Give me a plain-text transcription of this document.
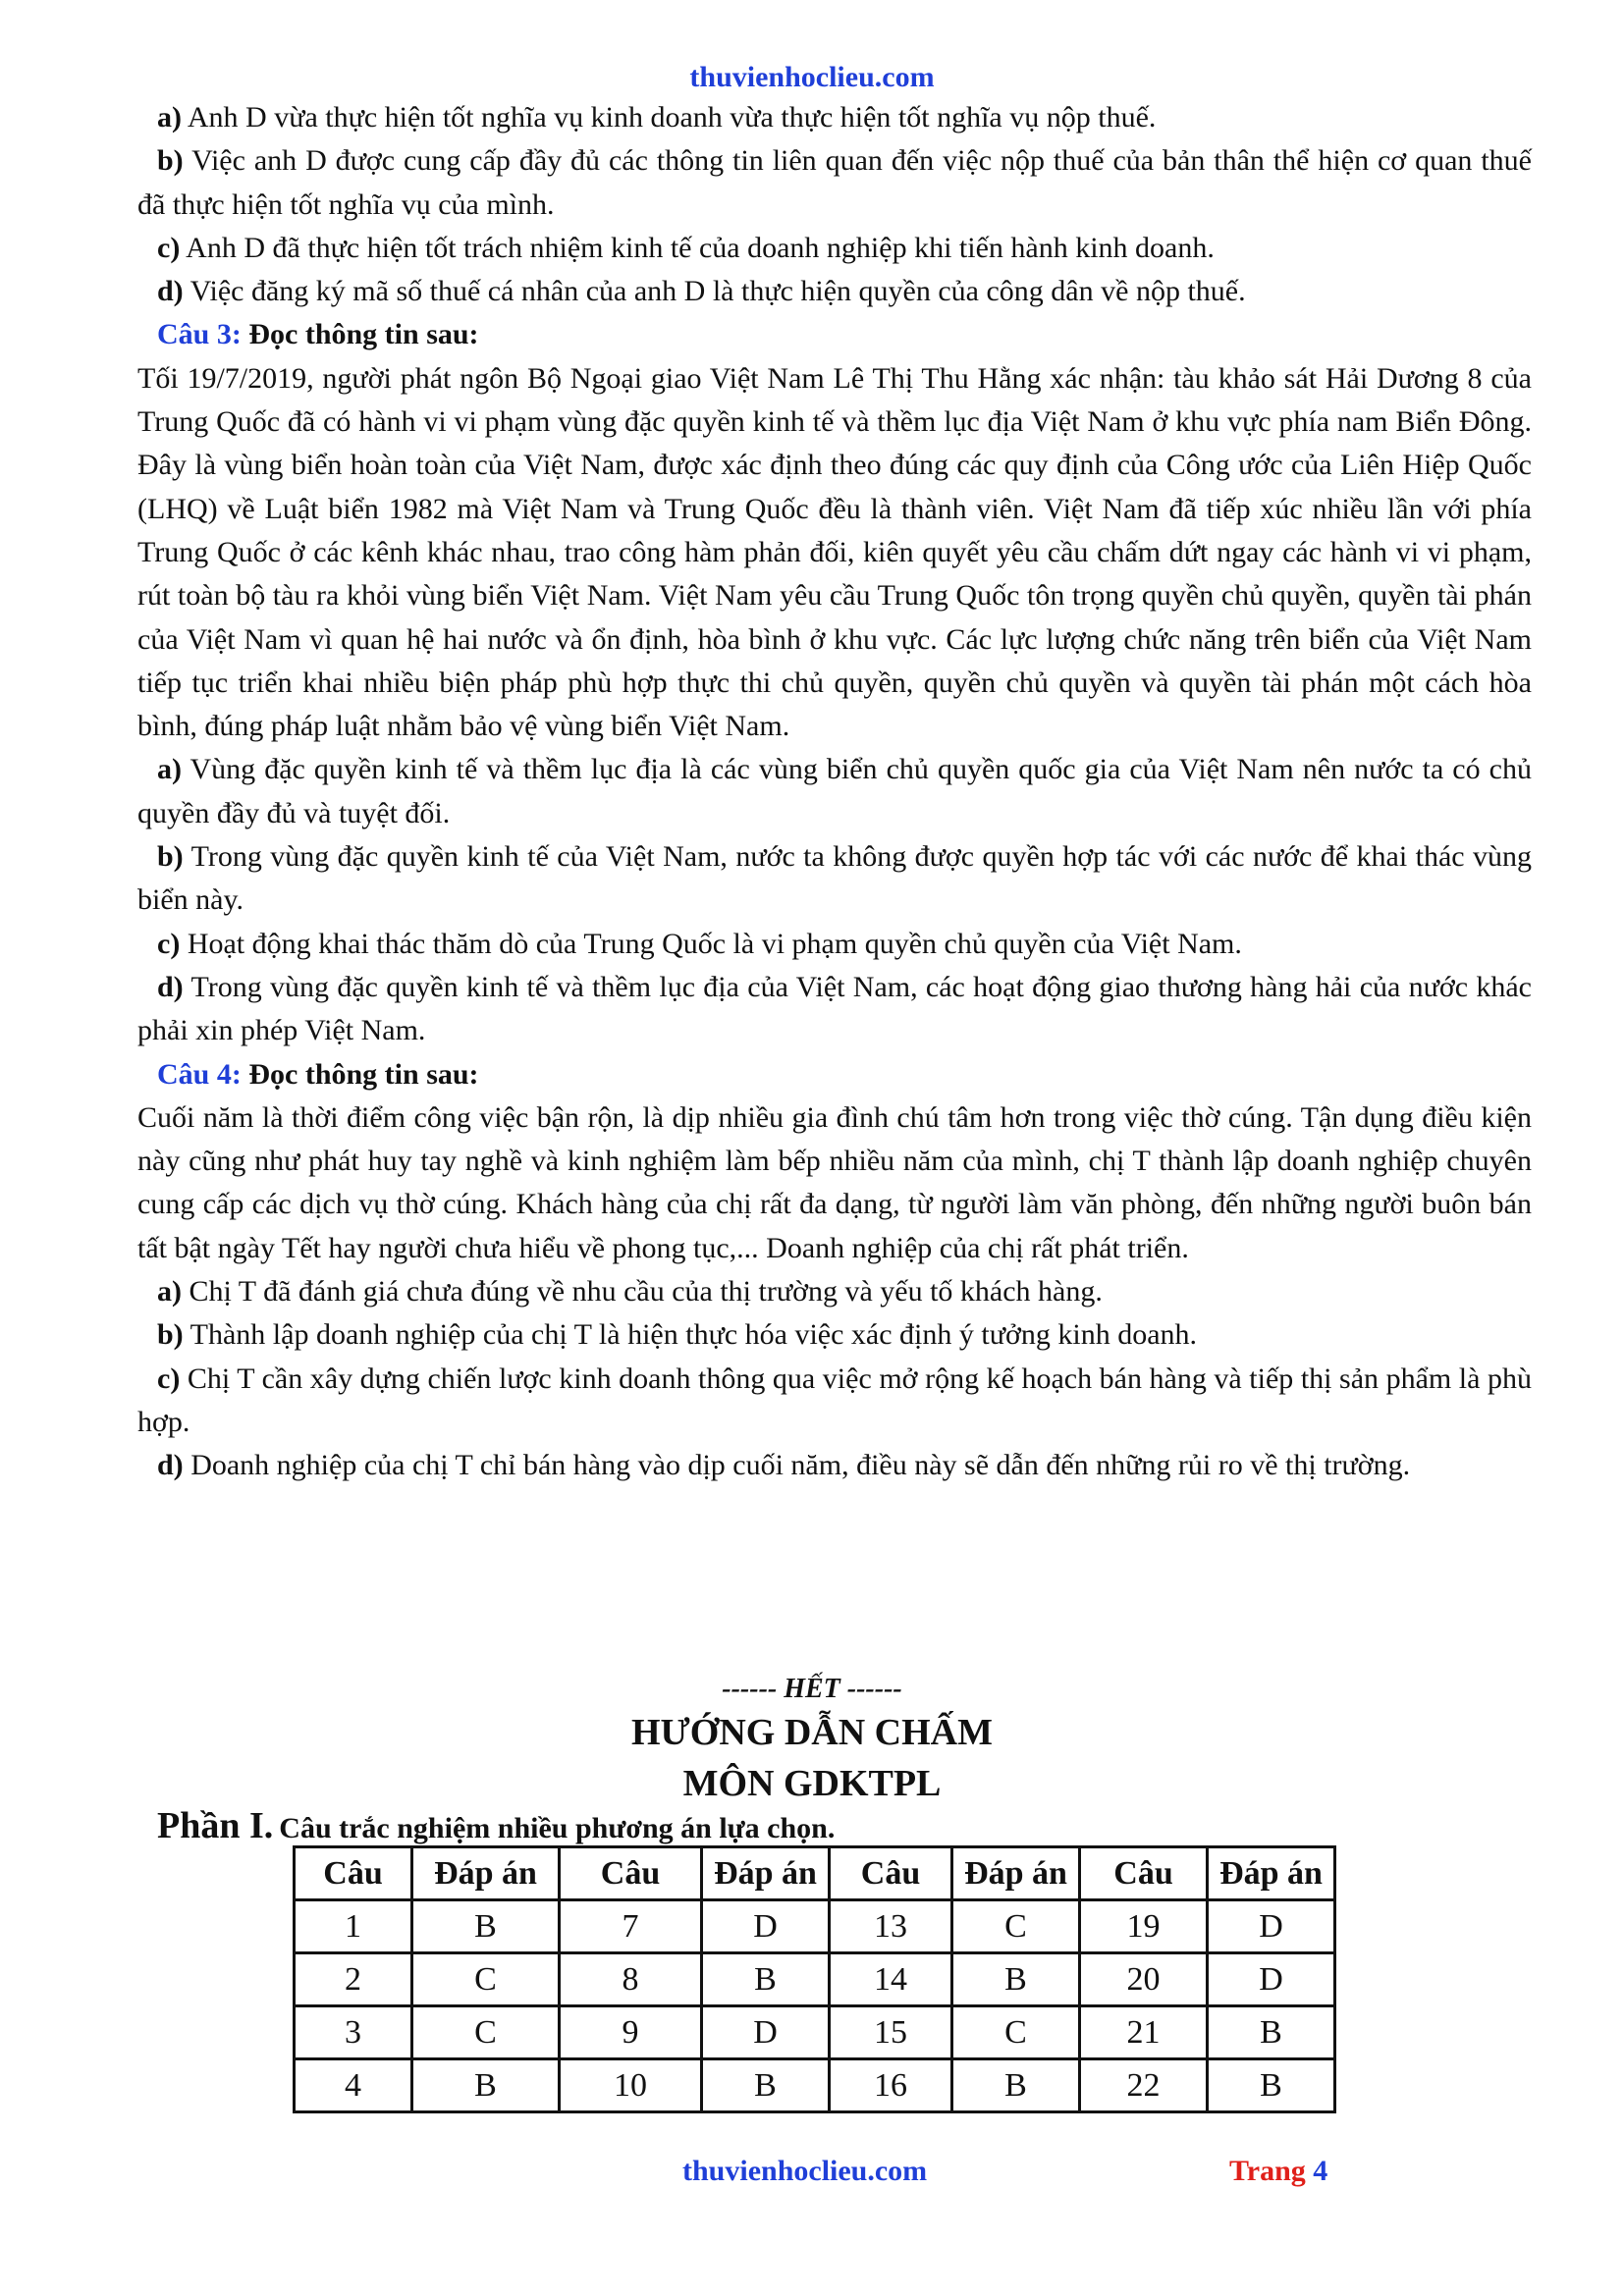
thuvienhoclieu.com

a) Anh D vừa thực hiện tốt nghĩa vụ kinh doanh vừa thực hiện tốt nghĩa vụ nộp thuế.

b) Việc anh D được cung cấp đầy đủ các thông tin liên quan đến việc nộp thuế của bản thân thể hiện cơ quan thuế đã thực hiện tốt nghĩa vụ của mình.

c) Anh D đã thực hiện tốt trách nhiệm kinh tế của doanh nghiệp khi tiến hành kinh doanh.

d) Việc đăng ký mã số thuế cá nhân của anh D là thực hiện quyền của công dân về nộp thuế.

Câu 3: Đọc thông tin sau:

Tối 19/7/2019, người phát ngôn Bộ Ngoại giao Việt Nam Lê Thị Thu Hằng xác nhận: tàu khảo sát Hải Dương 8 của Trung Quốc đã có hành vi vi phạm vùng đặc quyền kinh tế và thềm lục địa Việt Nam ở khu vực phía nam Biển Đông. Đây là vùng biển hoàn toàn của Việt Nam, được xác định theo đúng các quy định của Công ước của Liên Hiệp Quốc (LHQ) về Luật biển 1982 mà Việt Nam và Trung Quốc đều là thành viên. Việt Nam đã tiếp xúc nhiều lần với phía Trung Quốc ở các kênh khác nhau, trao công hàm phản đối, kiên quyết yêu cầu chấm dứt ngay các hành vi vi phạm, rút toàn bộ tàu ra khỏi vùng biển Việt Nam. Việt Nam yêu cầu Trung Quốc tôn trọng quyền chủ quyền, quyền tài phán của Việt Nam vì quan hệ hai nước và ổn định, hòa bình ở khu vực. Các lực lượng chức năng trên biển của Việt Nam tiếp tục triển khai nhiều biện pháp phù hợp thực thi chủ quyền, quyền chủ quyền và quyền tài phán một cách hòa bình, đúng pháp luật nhằm bảo vệ vùng biển Việt Nam.

a) Vùng đặc quyền kinh tế và thềm lục địa là các vùng biển chủ quyền quốc gia của Việt Nam nên nước ta có chủ quyền đầy đủ và tuyệt đối.

b) Trong vùng đặc quyền kinh tế của Việt Nam, nước ta không được quyền hợp tác với các nước để khai thác vùng biển này.

c) Hoạt động khai thác thăm dò của Trung Quốc là vi phạm quyền chủ quyền của Việt Nam.

d) Trong vùng đặc quyền kinh tế và thềm lục địa của Việt Nam, các hoạt động giao thương hàng hải của nước khác phải xin phép Việt Nam.

Câu 4: Đọc thông tin sau:

Cuối năm là thời điểm công việc bận rộn, là dịp nhiều gia đình chú tâm hơn trong việc thờ cúng. Tận dụng điều kiện này cũng như phát huy tay nghề và kinh nghiệm làm bếp nhiều năm của mình, chị T thành lập doanh nghiệp chuyên cung cấp các dịch vụ thờ cúng. Khách hàng của chị rất đa dạng, từ người làm văn phòng, đến những người buôn bán tất bật ngày Tết hay người chưa hiểu về phong tục,... Doanh nghiệp của chị rất phát triển.

a) Chị T đã đánh giá chưa đúng về nhu cầu của thị trường và yếu tố khách hàng.

b) Thành lập doanh nghiệp của chị T là hiện thực hóa việc xác định ý tưởng kinh doanh.

c) Chị T cần xây dựng chiến lược kinh doanh thông qua việc mở rộng kế hoạch bán hàng và tiếp thị sản phẩm là phù hợp.

d) Doanh nghiệp của chị T chỉ bán hàng vào dịp cuối năm, điều này sẽ dẫn đến những rủi ro về thị trường.

------ HẾT ------
HƯỚNG DẪN CHẤM
MÔN GDKTPL
Phần I. Câu trắc nghiệm nhiều phương án lựa chọn.
Câu	Đáp án	Câu	Đáp án	Câu	Đáp án	Câu	Đáp án
1	B	7	D	13	C	19	D
2	C	8	B	14	B	20	D
3	C	9	D	15	C	21	B
4	B	10	B	16	B	22	B
thuvienhoclieu.com	Trang 4
